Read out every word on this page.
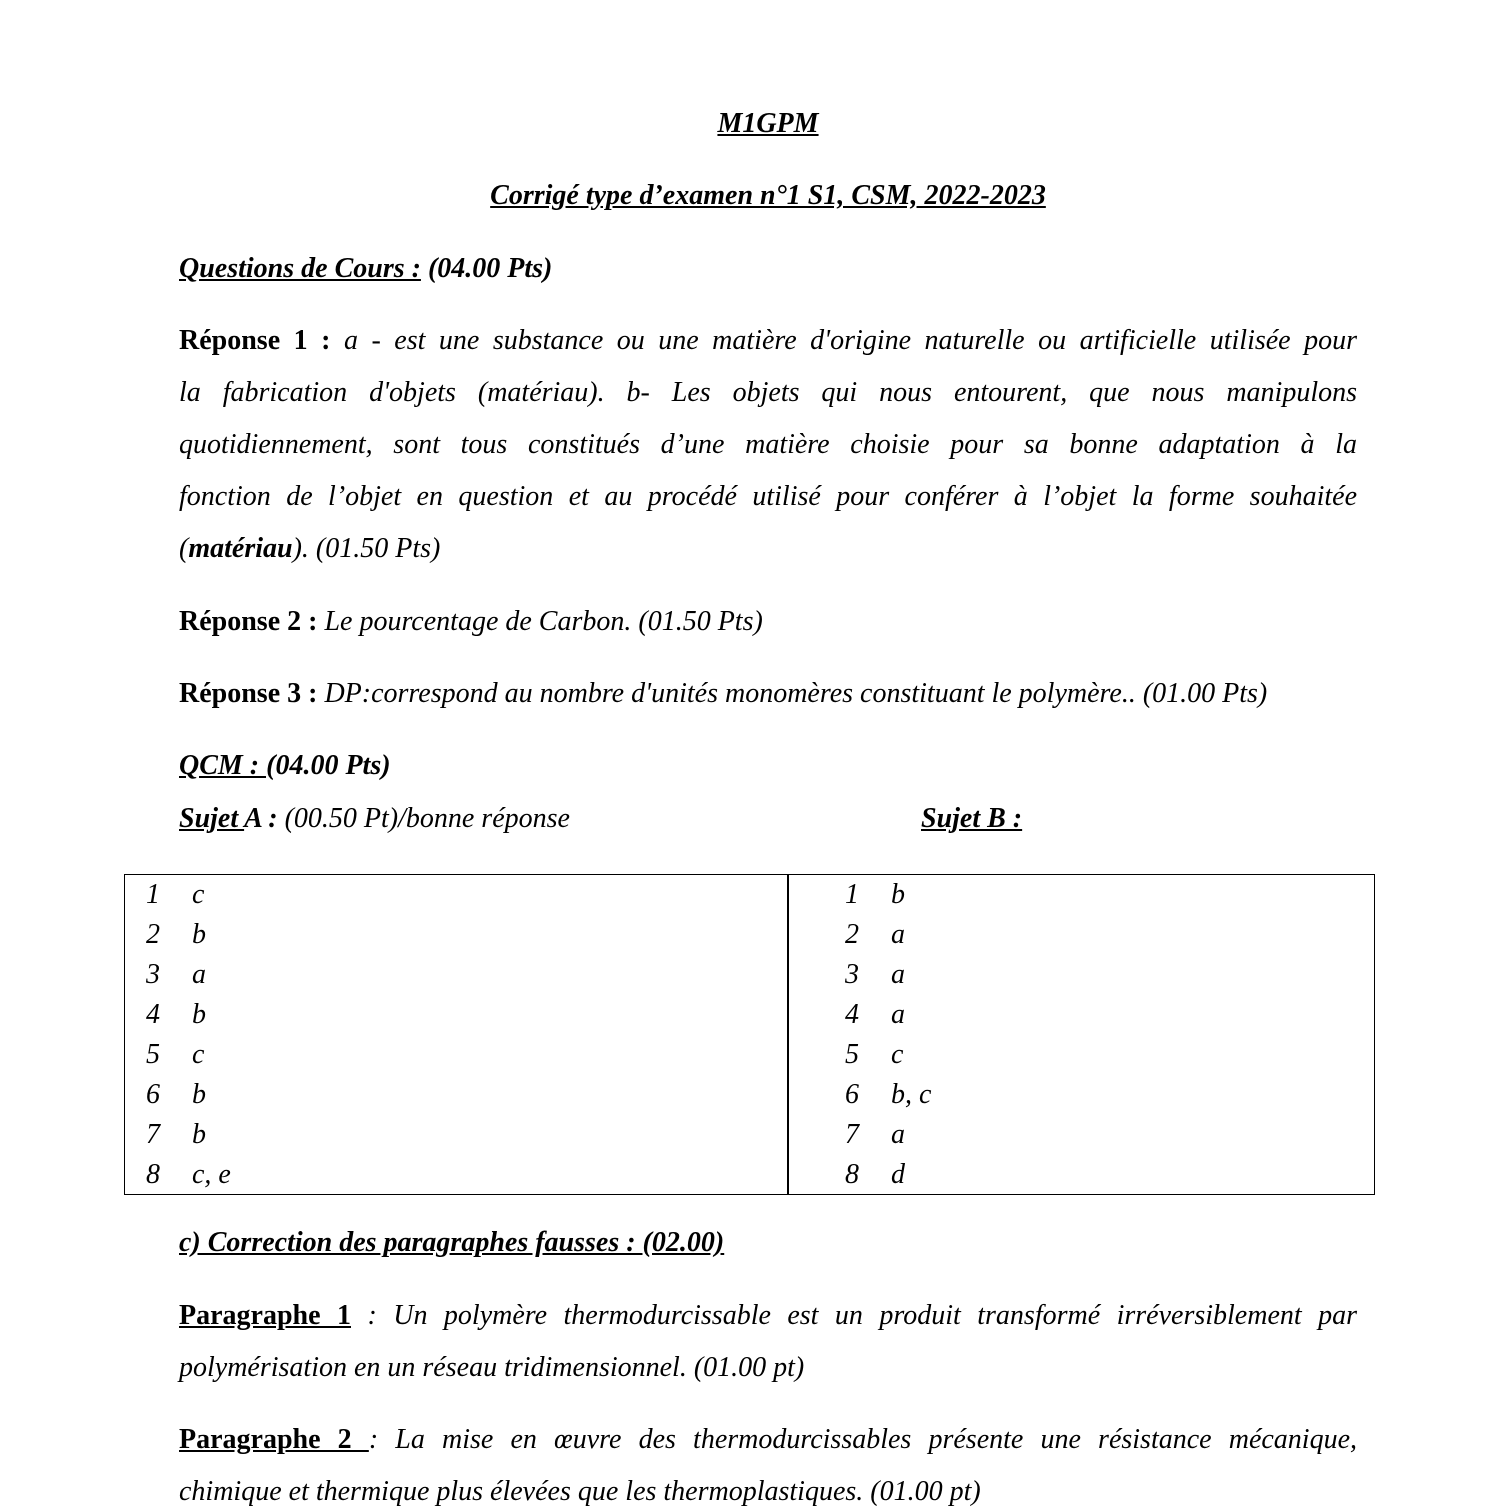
M1GPM
Corrigé type d’examen n°1 S1, CSM, 2022-2023
Questions de Cours : (04.00 Pts)
Réponse 1 : a - est une substance ou une matière d'origine naturelle ou artificielle utilisée pour
la fabrication d'objets (matériau). b- Les objets qui nous entourent, que nous manipulons
quotidiennement, sont tous constitués d’une matière choisie pour sa bonne adaptation à la
fonction de l’objet en question et au procédé utilisé pour conférer à l’objet la forme souhaitée
(matériau). (01.50 Pts)
Réponse 2 : Le pourcentage de Carbon. (01.50 Pts)
Réponse 3 : DP:correspond au nombre d'unités monomères constituant le polymère.. (01.00 Pts)
QCM : (04.00 Pts)
Sujet A : (00.50 Pt)/bonne réponse	Sujet B :
1 c
2 b
3 a
4 b
5 c
6 b
7 b
8 c, e
1 b
2 a
3 a
4 a
5 c
6 b, c
7 a
8 d
c) Correction des paragraphes fausses : (02.00)
Paragraphe 1 : Un polymère thermodurcissable est un produit transformé irréversiblement par
polymérisation en un réseau tridimensionnel. (01.00 pt)
Paragraphe 2 : La mise en œuvre des thermodurcissables présente une résistance mécanique,
chimique et thermique plus élevées que les thermoplastiques. (01.00 pt)
